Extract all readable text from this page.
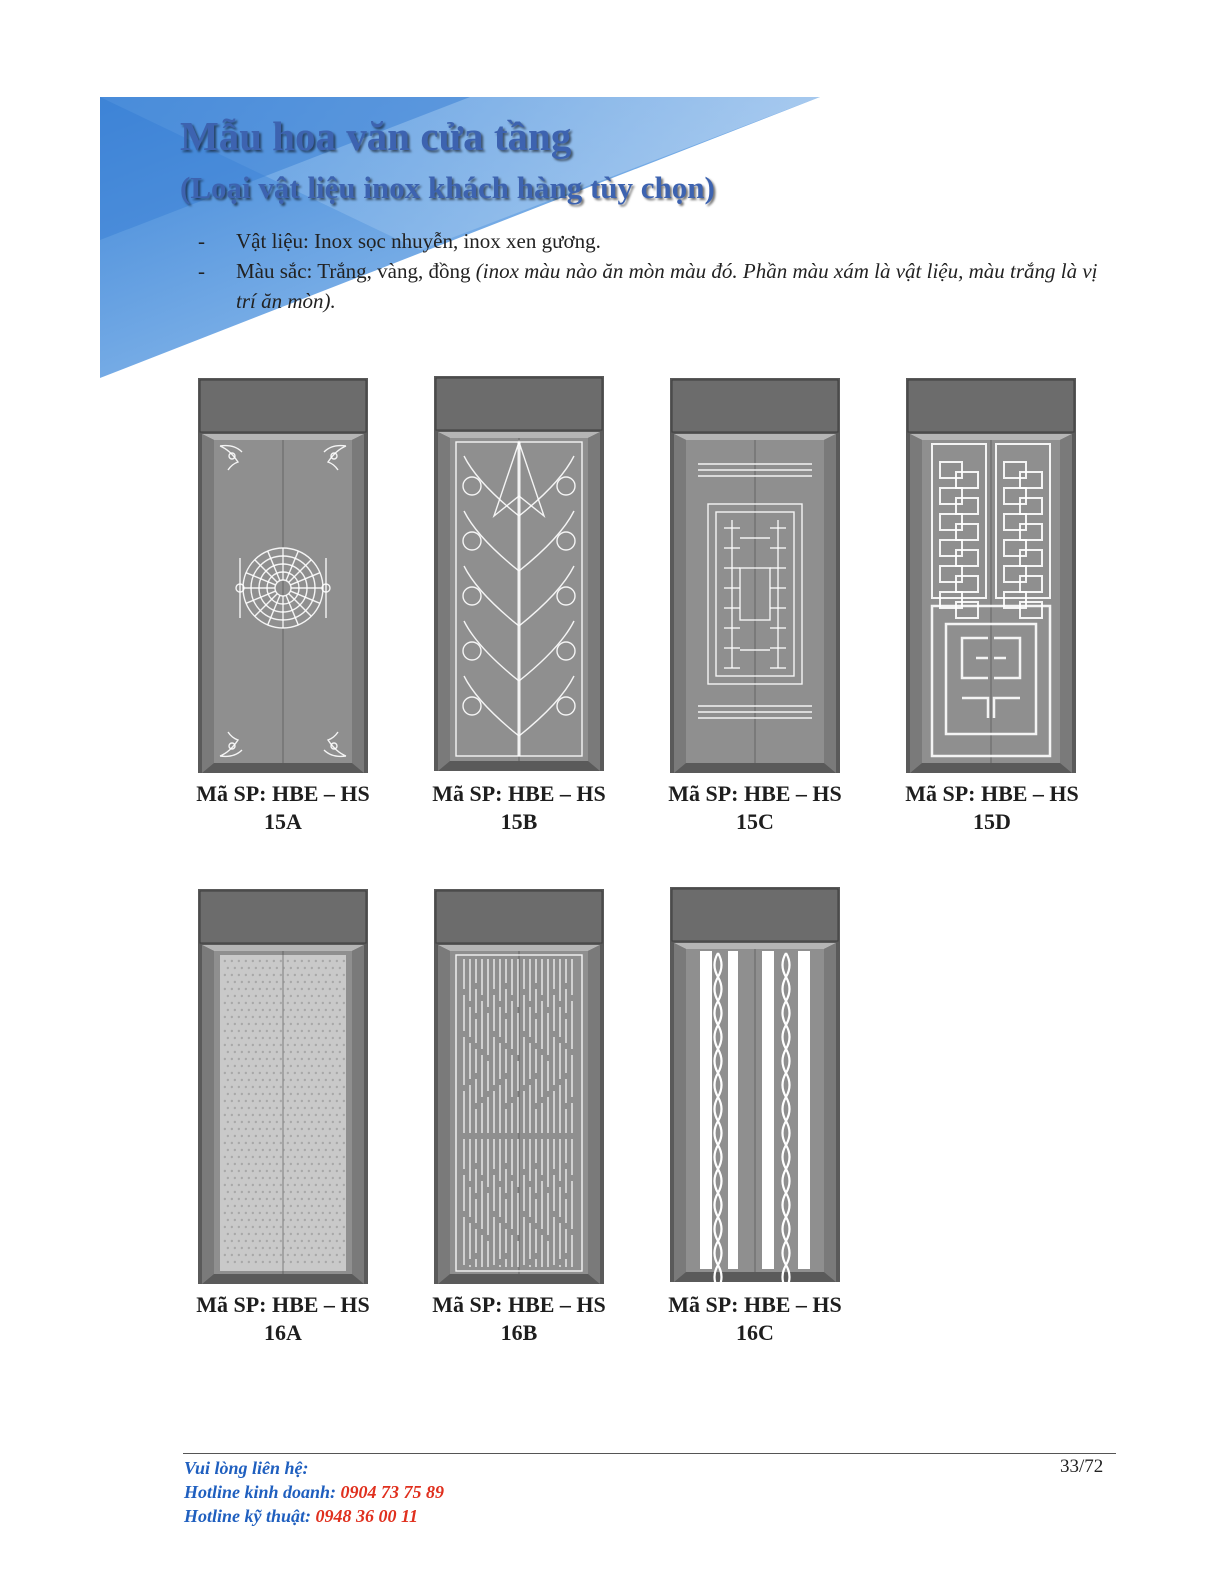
Mẫu hoa văn cửa tầng
(Loại vật liệu inox khách hàng tùy chọn)
- Vật liệu: Inox sọc nhuyễn, inox xen gương.
- Màu sắc: Trắng, vàng, đồng (inox màu nào ăn mòn màu đó. Phần màu xám là vật liệu, màu trắng là vị trí ăn mòn).
Mã SP: HBE – HS
15A
Mã SP: HBE – HS
15B
Mã SP: HBE – HS
15C
Mã SP: HBE – HS
15D
Mã SP: HBE – HS
16A
Mã SP: HBE – HS
16B
Mã SP: HBE – HS
16C
Vui lòng liên hệ:
Hotline kinh doanh: 0904 73 75 89
Hotline kỹ thuật: 0948 36 00 11
33/72
